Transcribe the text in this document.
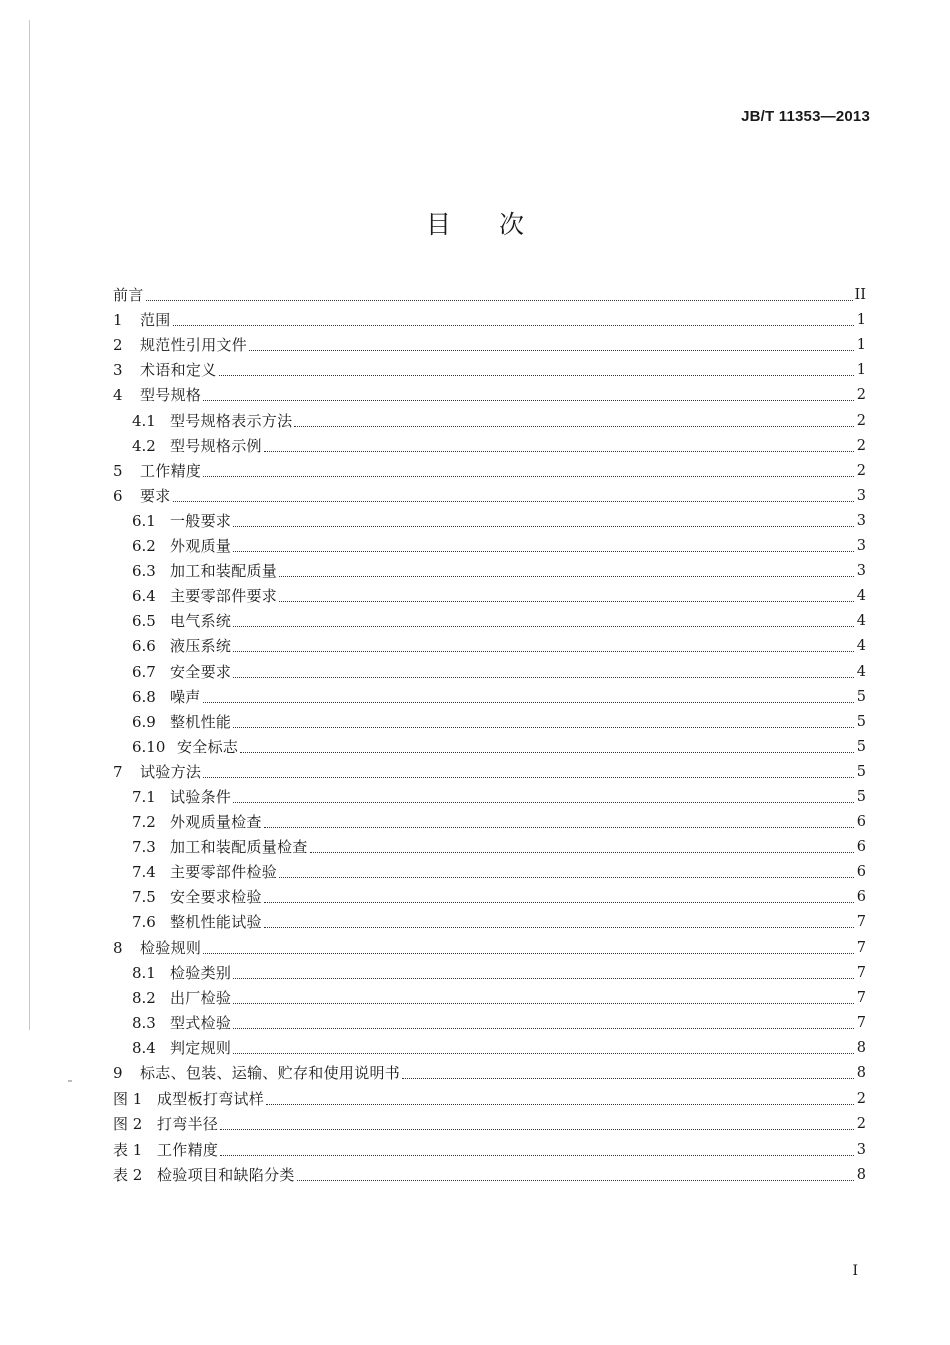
JB/T 11353—2013
目次
前言	II
1	范围	1
2	规范性引用文件	1
3	术语和定义	1
4	型号规格	2
4.1 型号规格表示方法	2
4.2 型号规格示例	2
5	工作精度	2
6	要求	3
6.1 一般要求	3
6.2 外观质量	3
6.3 加工和装配质量	3
6.4 主要零部件要求	4
6.5 电气系统	4
6.6 液压系统	4
6.7 安全要求	4
6.8 噪声	5
6.9 整机性能	5
6.10 安全标志	5
7	试验方法	5
7.1 试验条件	5
7.2 外观质量检查	6
7.3 加工和装配质量检查	6
7.4 主要零部件检验	6
7.5 安全要求检验	6
7.6 整机性能试验	7
8	检验规则	7
8.1 检验类别	7
8.2 出厂检验	7
8.3 型式检验	7
8.4 判定规则	8
9	标志、包装、运输、贮存和使用说明书	8
图 1 成型板打弯试样	2
图 2 打弯半径	2
表 1 工作精度	3
表 2 检验项目和缺陷分类	8
I
